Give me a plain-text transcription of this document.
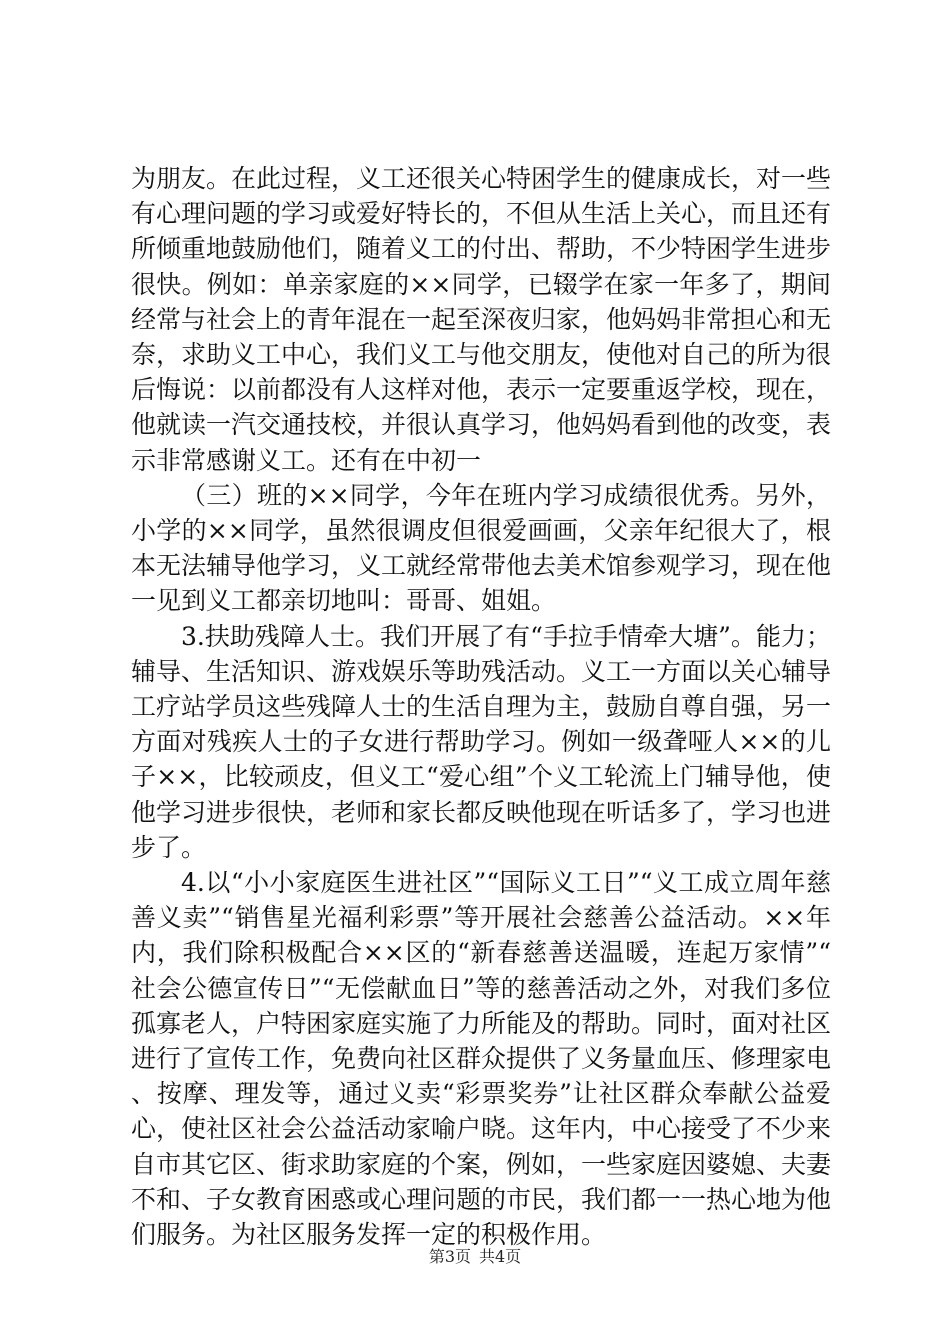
为朋友。在此过程，义工还很关心特困学生的健康成长，对一些有心理问题的学习或爱好特长的，不但从生活上关心，而且还有所倾重地鼓励他们，随着义工的付出、帮助，不少特困学生进步很快。例如：单亲家庭的××同学，已辍学在家一年多了，期间经常与社会上的青年混在一起至深夜归家，他妈妈非常担心和无奈，求助义工中心，我们义工与他交朋友，使他对自己的所为很后悔说：以前都没有人这样对他，表示一定要重返学校，现在，他就读一汽交通技校，并很认真学习，他妈妈看到他的改变，表示非常感谢义工。还有在中初一

（三）班的××同学，今年在班内学习成绩很优秀。另外，小学的××同学，虽然很调皮但很爱画画，父亲年纪很大了，根本无法辅导他学习，义工就经常带他去美术馆参观学习，现在他一见到义工都亲切地叫：哥哥、姐姐。

3.扶助残障人士。我们开展了有“手拉手情牵大塘”。能力；辅导、生活知识、游戏娱乐等助残活动。义工一方面以关心辅导工疗站学员这些残障人士的生活自理为主，鼓励自尊自强，另一方面对残疾人士的子女进行帮助学习。例如一级聋哑人××的儿子××，比较顽皮，但义工“爱心组”个义工轮流上门辅导他，使他学习进步很快，老师和家长都反映他现在听话多了，学习也进步了。

4.以“小小家庭医生进社区”“国际义工日”“义工成立周年慈善义卖”“销售星光福利彩票”等开展社会慈善公益活动。××年内，我们除积极配合××区的“新春慈善送温暖，连起万家情”“社会公德宣传日”“无偿献血日”等的慈善活动之外，对我们多位孤寡老人，户特困家庭实施了力所能及的帮助。同时，面对社区进行了宣传工作，免费向社区群众提供了义务量血压、修理家电、按摩、理发等，通过义卖“彩票奖券”让社区群众奉献公益爱心，使社区社会公益活动家喻户晓。这年内，中心接受了不少来自市其它区、街求助家庭的个案，例如，一些家庭因婆媳、夫妻不和、子女教育困惑或心理问题的市民，我们都一一热心地为他们服务。为社区服务发挥一定的积极作用。

第3页 共4页
